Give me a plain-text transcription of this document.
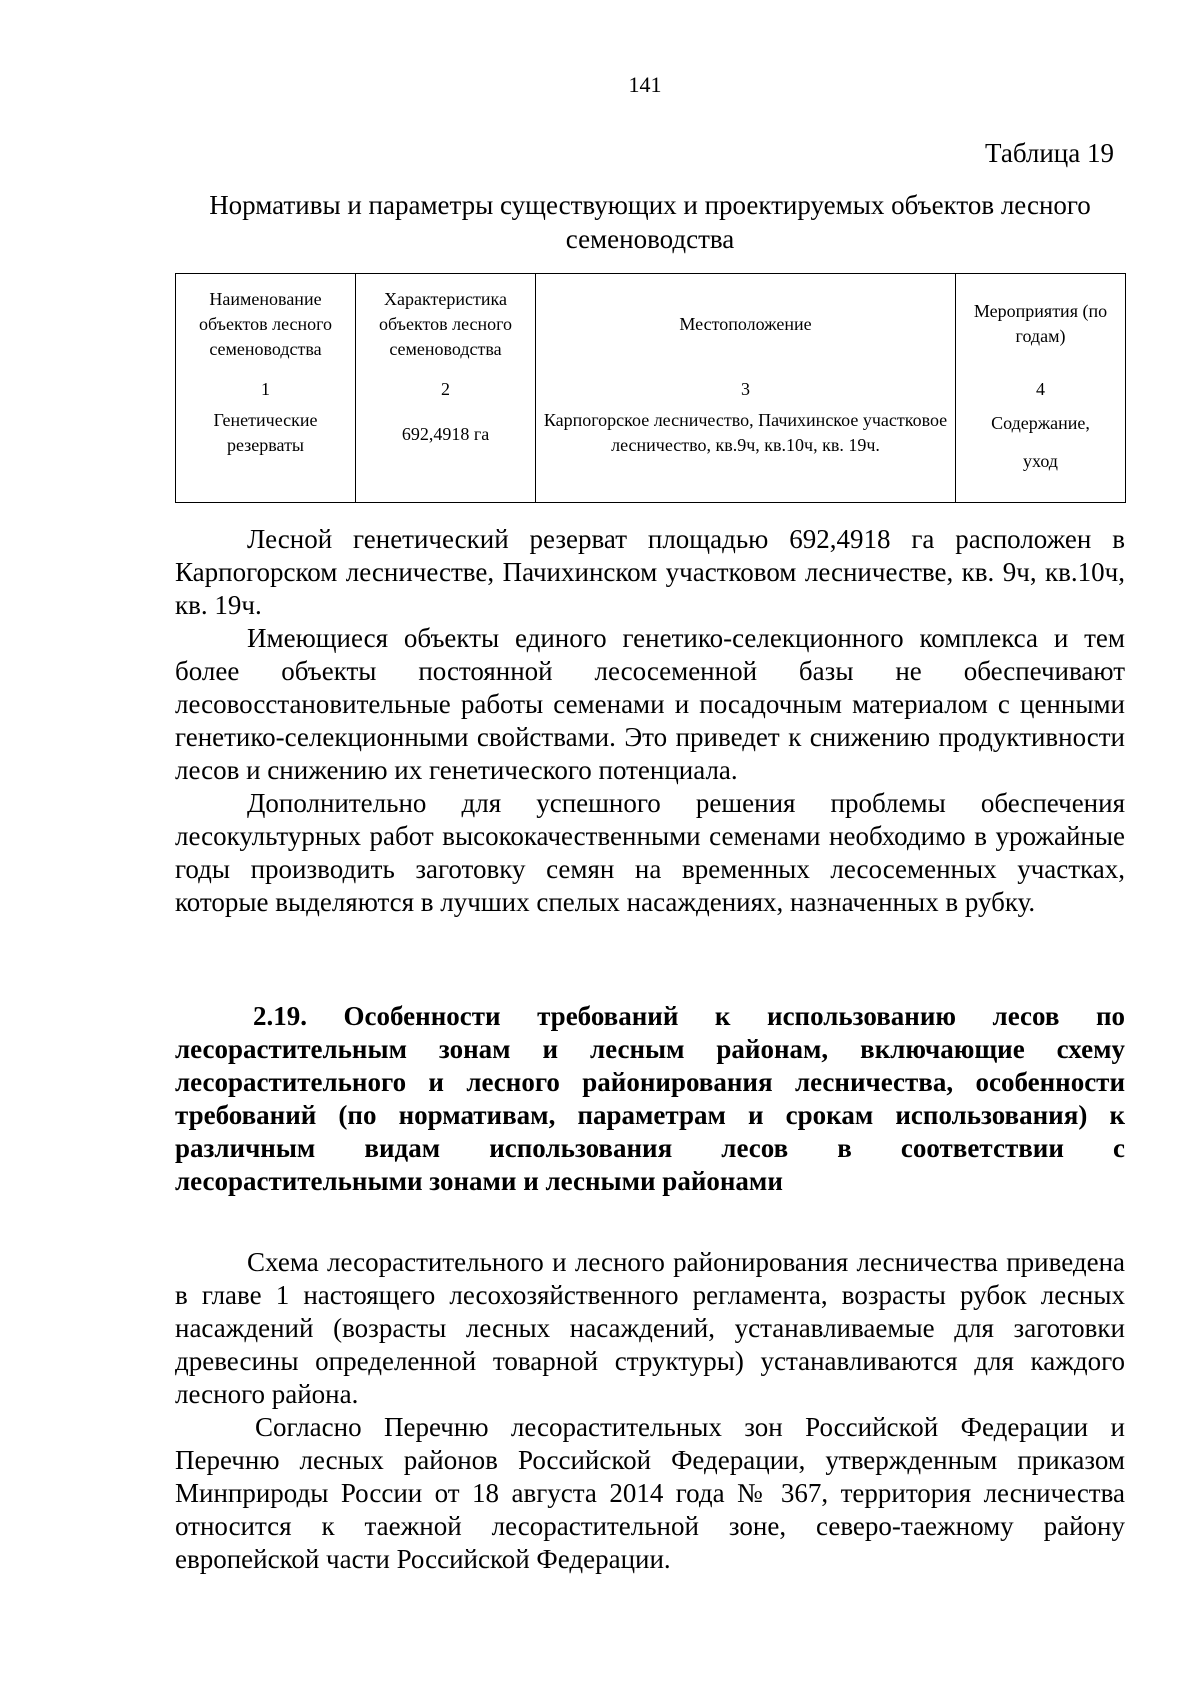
141
Таблица 19
Нормативы и параметры существующих и проектируемых объектов лесного семеноводства
Наименование объектов лесного семеноводства	Характеристика объектов лесного семеноводства	Местоположение	Мероприятия (по годам)
1	2	3	4
Генетические резерваты	692,4918 га	Карпогорское лесничество, Пачихинское участковое лесничество, кв.9ч, кв.10ч, кв. 19ч.	Содержание,
уход

Лесной генетический резерват площадью 692,4918 га расположен в Карпогорском лесничестве, Пачихинском участковом лесничестве, кв. 9ч, кв.10ч, кв. 19ч.

Имеющиеся объекты единого генетико-селекционного комплекса и тем более объекты постоянной лесосеменной базы не обеспечивают лесовосстановительные работы семенами и посадочным материалом с ценными генетико-селекционными свойствами. Это приведет к снижению продуктивности лесов и снижению их генетического потенциала.

Дополнительно для успешного решения проблемы обеспечения лесокультурных работ высококачественными семенами необходимо в урожайные годы производить заготовку семян на временных лесосеменных участках, которые выделяются в лучших спелых насаждениях, назначенных в рубку.

2.19. Особенности требований к использованию лесов по лесорастительным зонам и лесным районам, включающие схему лесорастительного и лесного районирования лесничества, особенности требований (по нормативам, параметрам и срокам использования) к различным видам использования лесов в соответствии с лесорастительными зонами и лесными районами

Схема лесорастительного и лесного районирования лесничества приведена в главе 1 настоящего лесохозяйственного регламента, возрасты рубок лесных насаждений (возрасты лесных насаждений, устанавливаемые для заготовки древесины определенной товарной структуры) устанавливаются для каждого лесного района.

Согласно Перечню лесорастительных зон Российской Федерации и Перечню лесных районов Российской Федерации, утвержденным приказом Минприроды России от 18 августа 2014 года № 367, территория лесничества относится к таежной лесорастительной зоне, северо-таежному району европейской части Российской Федерации.
